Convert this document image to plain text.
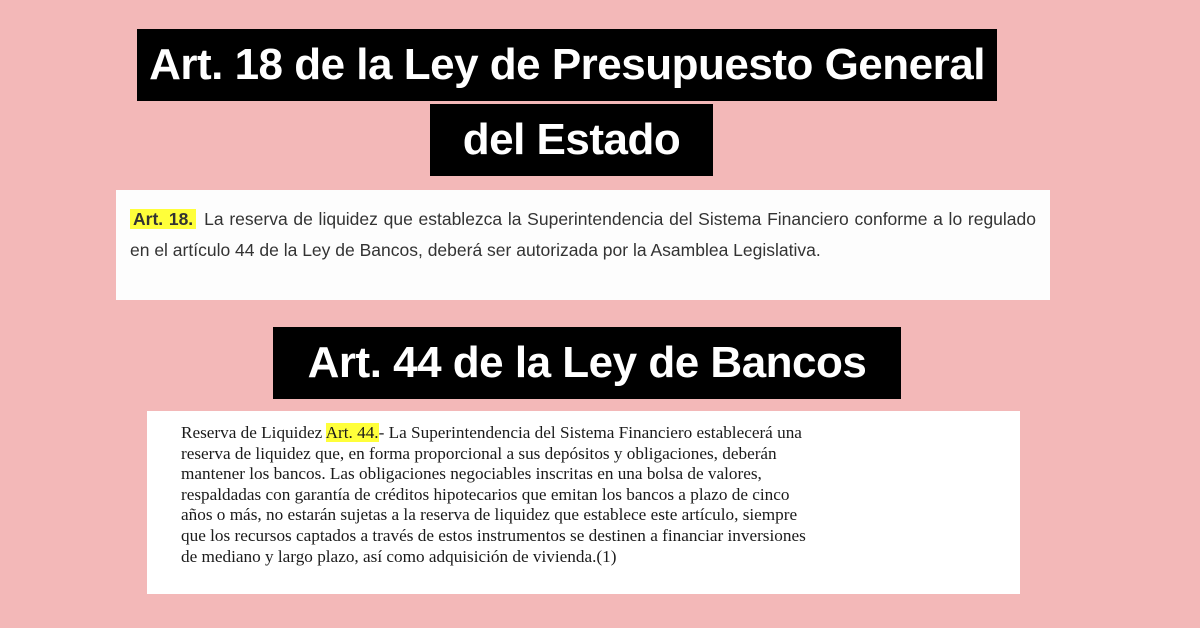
Art. 18 de la Ley de Presupuesto General
del Estado
Art. 18. La reserva de liquidez que establezca la Superintendencia del Sistema Financiero conforme a lo regulado en el artículo 44 de la Ley de Bancos, deberá ser autorizada por la Asamblea Legislativa.
Art. 44 de la Ley de Bancos
Reserva de Liquidez Art. 44.- La Superintendencia del Sistema Financiero establecerá una
reserva de liquidez que, en forma proporcional a sus depósitos y obligaciones, deberán
mantener los bancos. Las obligaciones negociables inscritas en una bolsa de valores,
respaldadas con garantía de créditos hipotecarios que emitan los bancos a plazo de cinco
años o más, no estarán sujetas a la reserva de liquidez que establece este artículo, siempre
que los recursos captados a través de estos instrumentos se destinen a financiar inversiones
de mediano y largo plazo, así como adquisición de vivienda.(1)
